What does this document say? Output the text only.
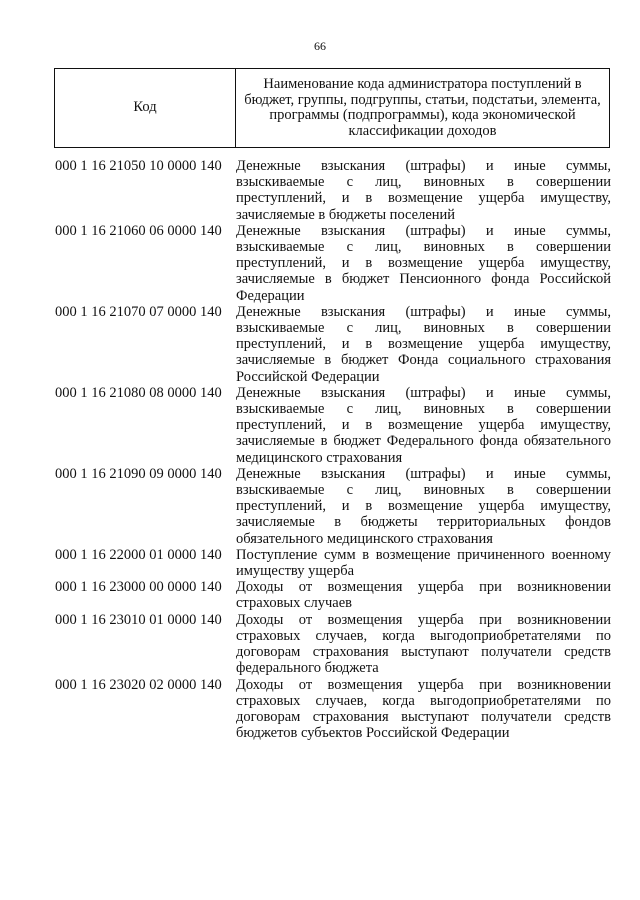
66
Код	Наименование кода администратора поступлений в бюджет, группы, подгруппы, статьи, подстатьи, элемента, программы (подпрограммы), кода экономической классификации доходов
000 1 16 21050 10 0000 140 Денежные взыскания (штрафы) и иные суммы, взыскиваемые с лиц, виновных в совершении преступлений, и в возмещение ущерба имуществу, зачисляемые в бюджеты поселений
000 1 16 21060 06 0000 140 Денежные взыскания (штрафы) и иные суммы, взыскиваемые с лиц, виновных в совершении преступлений, и в возмещение ущерба имуществу, зачисляемые в бюджет Пенсионного фонда Российской Федерации
000 1 16 21070 07 0000 140 Денежные взыскания (штрафы) и иные суммы, взыскиваемые с лиц, виновных в совершении преступлений, и в возмещение ущерба имуществу, зачисляемые в бюджет Фонда социального страхования Российской Федерации
000 1 16 21080 08 0000 140 Денежные взыскания (штрафы) и иные суммы, взыскиваемые с лиц, виновных в совершении преступлений, и в возмещение ущерба имуществу, зачисляемые в бюджет Федерального фонда обязательного медицинского страхования
000 1 16 21090 09 0000 140 Денежные взыскания (штрафы) и иные суммы, взыскиваемые с лиц, виновных в совершении преступлений, и в возмещение ущерба имуществу, зачисляемые в бюджеты территориальных фондов обязательного медицинского страхования
000 1 16 22000 01 0000 140 Поступление сумм в возмещение причиненного военному имуществу ущерба
000 1 16 23000 00 0000 140 Доходы от возмещения ущерба при возникновении страховых случаев
000 1 16 23010 01 0000 140 Доходы от возмещения ущерба при возникновении страховых случаев, когда выгодоприобретателями по договорам страхования выступают получатели средств федерального бюджета
000 1 16 23020 02 0000 140 Доходы от возмещения ущерба при возникновении страховых случаев, когда выгодоприобретателями по договорам страхования выступают получатели средств бюджетов субъектов Российской Федерации
